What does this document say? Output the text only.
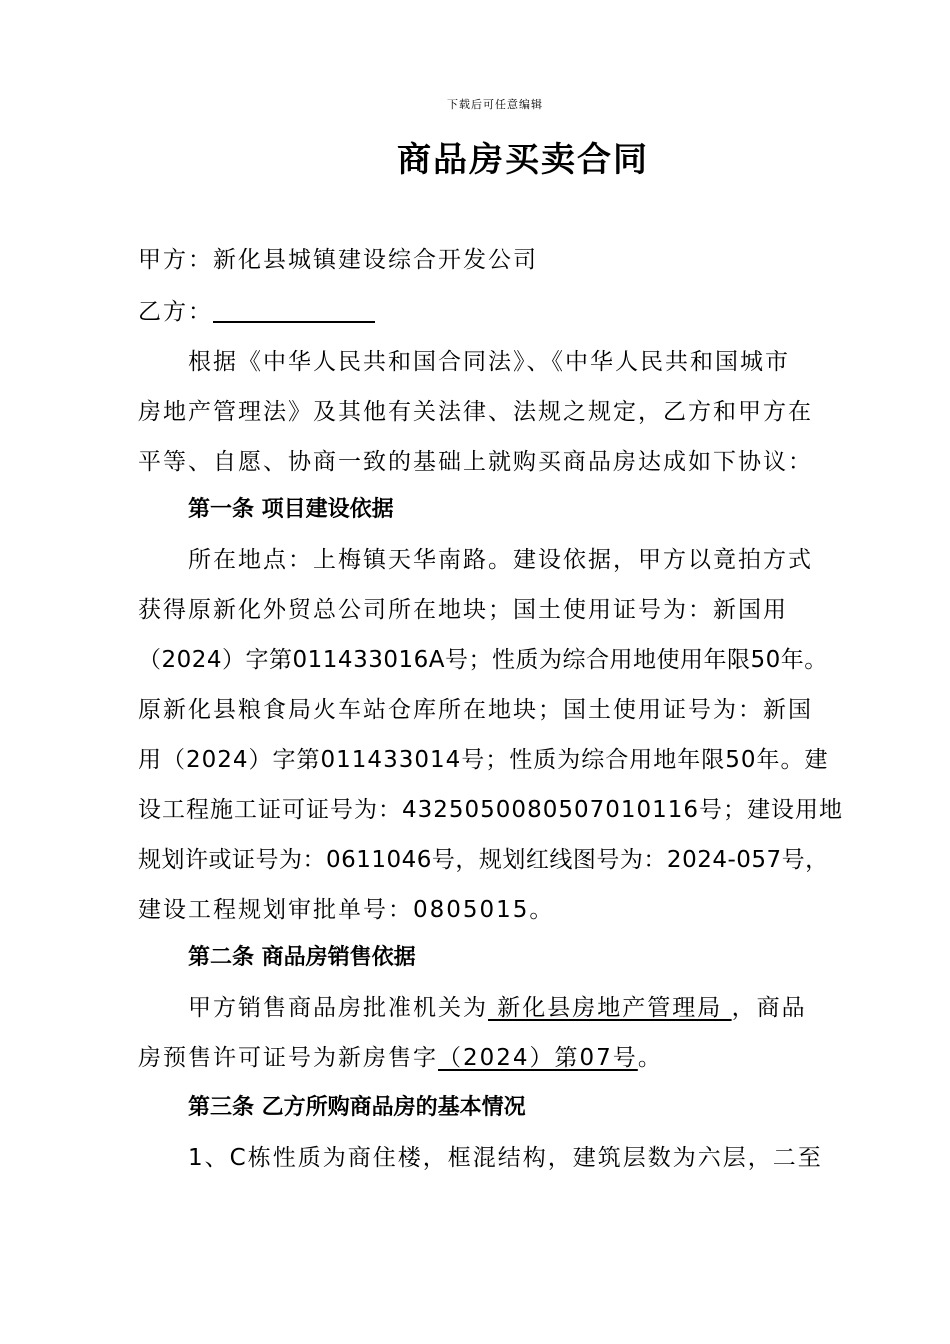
下载后可任意编辑
商品房买卖合同
甲方：新化县城镇建设综合开发公司
乙方：
根据《中华人民共和国合同法》、《中华人民共和国城市
房地产管理法》及其他有关法律、法规之规定，乙方和甲方在
平等、自愿、协商一致的基础上就购买商品房达成如下协议：
第一条 项目建设依据
所在地点：上梅镇天华南路。建设依据，甲方以竟拍方式
获得原新化外贸总公司所在地块；国土使用证号为：新国用
（2024）字第011433016A号；性质为综合用地使用年限50年。
原新化县粮食局火车站仓库所在地块；国土使用证号为：新国
用（2024）字第011433014号；性质为综合用地年限50年。建
设工程施工证可证号为：432505008050701011​6号；建设用地
规划许或证号为：0611046号，规划红线图号为：2024-057号，
建设工程规划审批单号：0805015。
第二条 商品房销售依据
甲方销售商品房批准机关为 新化县房地产管理局 ，商品
房预售许可证号为新房售字（2024）第07号。
第三条 乙方所购商品房的基本情况
1、C栋性质为商住楼，框混结构，建筑层数为六层，二至
